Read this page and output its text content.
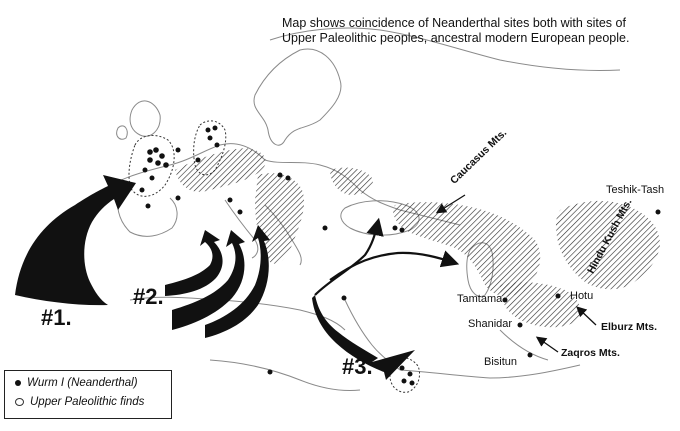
Map shows coincidence of Neanderthal sites both with sites of Upper Paleolithic peoples, ancestral modern European people.
#1.
#2.
#3.
Teshik-Tash
Tamtama
Shanidar
Hotu
Bisitun
Caucasus Mts.
Hindu Kush Mts.
Elburz Mts.
Zaqros Mts.
Wurm I (Neanderthal)
Upper Paleolithic finds
